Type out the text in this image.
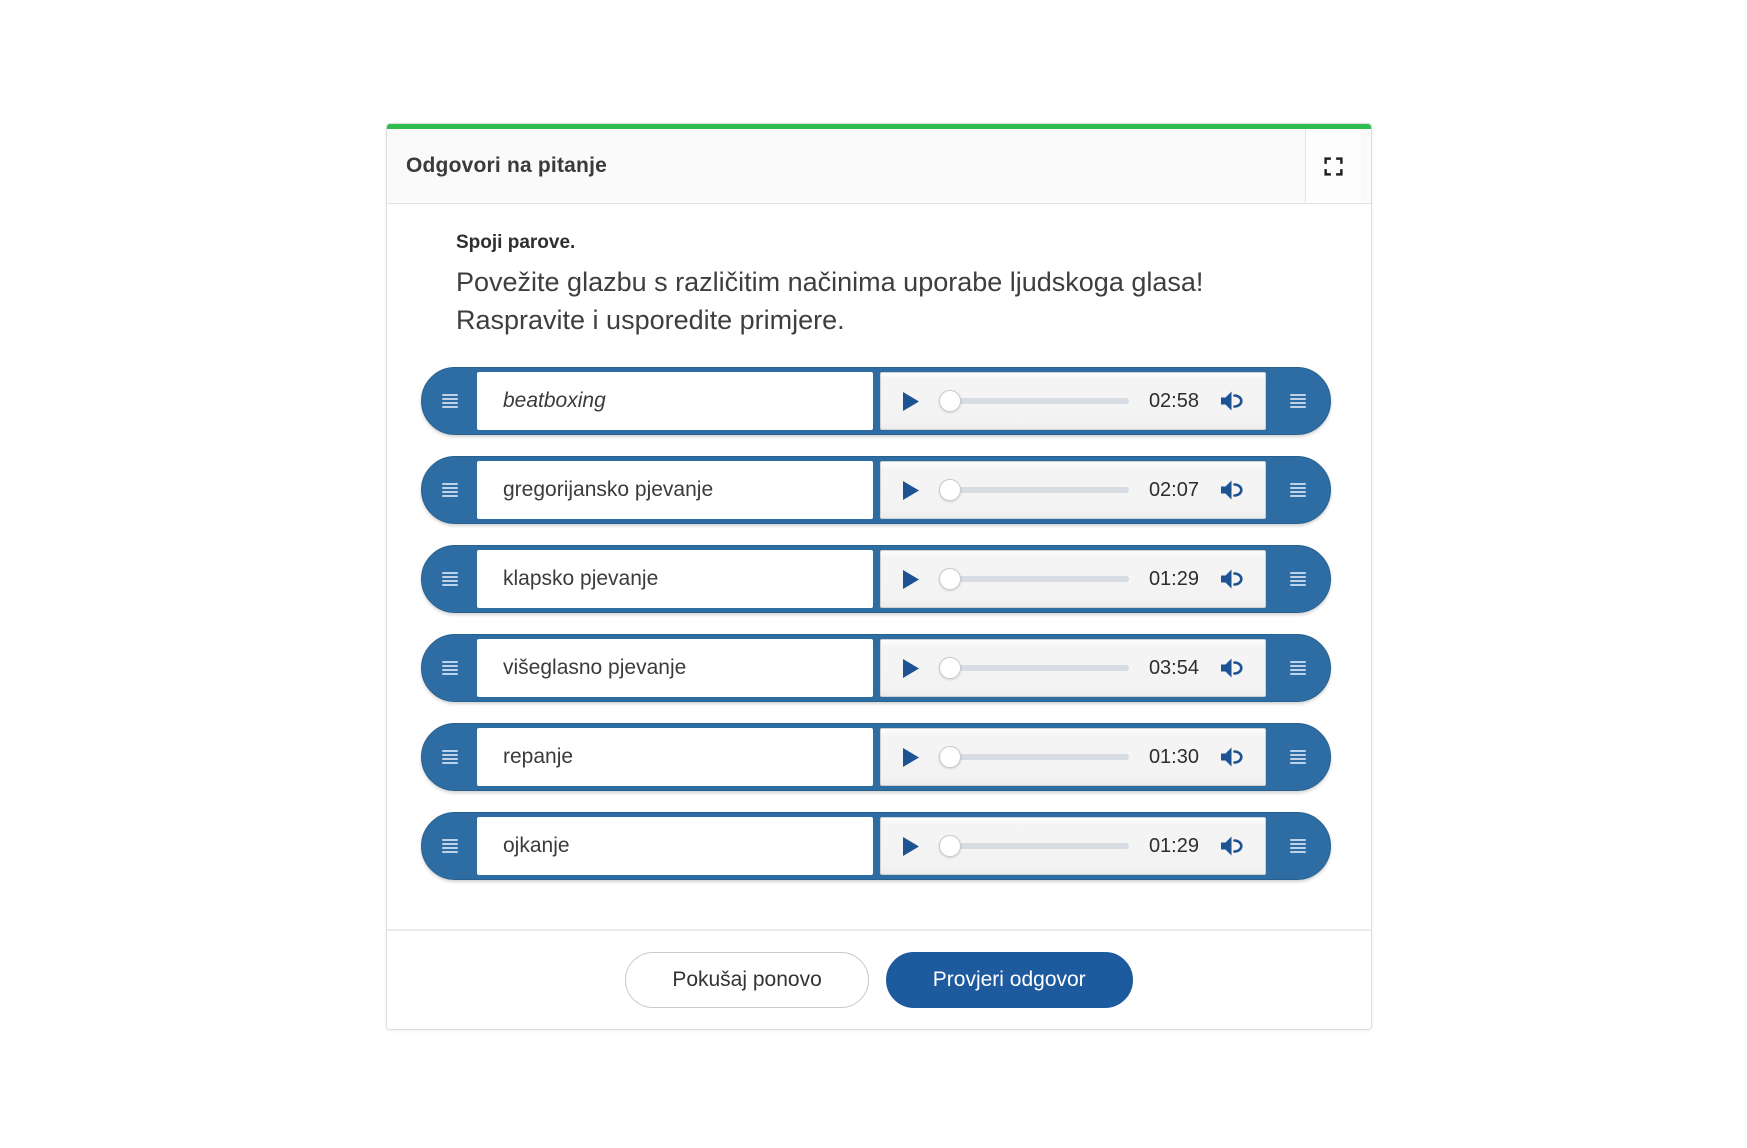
Odgovori na pitanje
Spoji parove.
Povežite glazbu s različitim načinima uporabe ljudskoga glasa! Raspravite i usporedite primjere.
beatboxing	02:58
gregorijansko pjevanje	02:07
klapsko pjevanje	01:29
višeglasno pjevanje	03:54
repanje	01:30
ojkanje	01:29
Pokušaj ponovo	Provjeri odgovor
